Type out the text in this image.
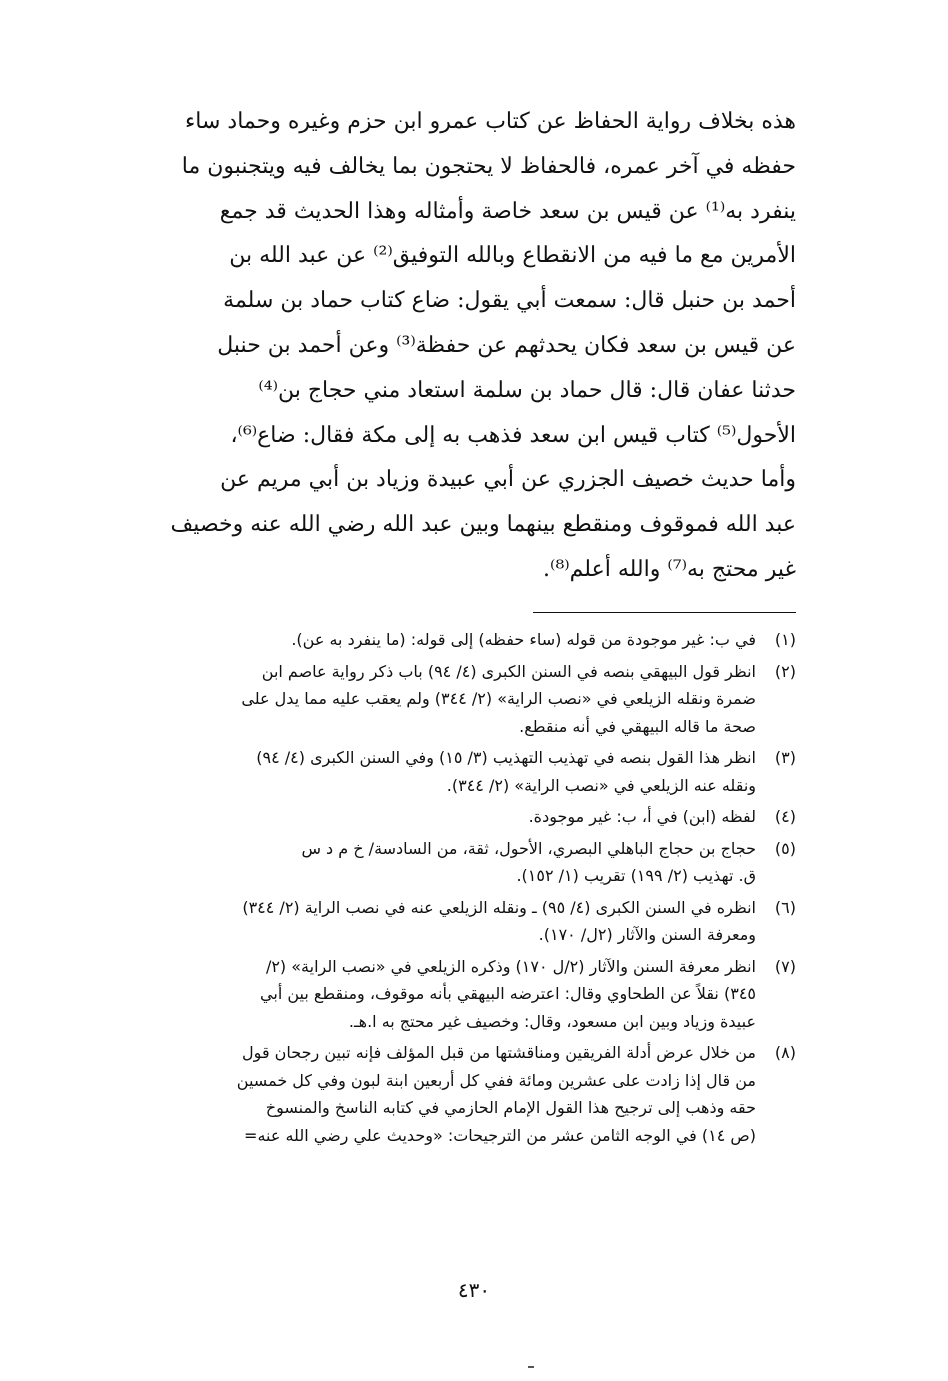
هذه بخلاف رواية الحفاظ عن كتاب عمرو ابن حزم وغيره وحماد ساء
حفظه في آخر عمره، فالحفاظ لا يحتجون بما يخالف فيه ويتجنبون ما
ينفرد به⁽¹⁾ عن قيس بن سعد خاصة وأمثاله وهذا الحديث قد جمع
الأمرين مع ما فيه من الانقطاع وبالله التوفيق⁽²⁾ عن عبد الله بن
أحمد بن حنبل قال: سمعت أبي يقول: ضاع كتاب حماد بن سلمة
عن قيس بن سعد فكان يحدثهم عن حفظة⁽³⁾ وعن أحمد بن حنبل
حدثنا عفان قال: قال حماد بن سلمة استعاد مني حجاج بن⁽⁴⁾
الأحول⁽⁵⁾ كتاب قيس ابن سعد فذهب به إلى مكة فقال: ضاع⁽⁶⁾،
وأما حديث خصيف الجزري عن أبي عبيدة وزياد بن أبي مريم عن
عبد الله فموقوف ومنقطع بينهما وبين عبد الله رضي الله عنه وخصيف
غير محتج به⁽⁷⁾ والله أعلم⁽⁸⁾.
(١)
في ب: غير موجودة من قوله (ساء حفظه) إلى قوله: (ما ينفرد به عن).
(٢)
انظر قول البيهقي بنصه في السنن الكبرى (٤/ ٩٤) باب ذكر رواية عاصم ابن
ضمرة ونقله الزيلعي في «نصب الراية» (٢/ ٣٤٤) ولم يعقب عليه مما يدل على
صحة ما قاله البيهقي في أنه منقطع.
(٣)
انظر هذا القول بنصه في تهذيب التهذيب (٣/ ١٥) وفي السنن الكبرى (٤/ ٩٤)
ونقله عنه الزيلعي في «نصب الراية» (٢/ ٣٤٤).
(٤)
لفظه (ابن) في أ، ب: غير موجودة.
(٥)
حجاج بن حجاج الباهلي البصري، الأحول، ثقة، من السادسة/ خ م د س
ق. تهذيب (٢/ ١٩٩) تقريب (١/ ١٥٢).
(٦)
انظره في السنن الكبرى (٤/ ٩٥) ـ ونقله الزيلعي عنه في نصب الراية (٢/ ٣٤٤)
ومعرفة السنن والآثار (٢ل/ ١٧٠).
(٧)
انظر معرفة السنن والآثار (٢/ل ١٧٠) وذكره الزيلعي في «نصب الراية» (٢/
٣٤٥) نقلاً عن الطحاوي وقال: اعترضه البيهقي بأنه موقوف، ومنقطع بين أبي
عبيدة وزياد وبين ابن مسعود، وقال: وخصيف غير محتج به ا.هـ.
(٨)
من خلال عرض أدلة الفريقين ومناقشتها من قبل المؤلف فإنه تبين رجحان قول
من قال إذا زادت على عشرين ومائة ففي كل أربعين ابنة لبون وفي كل خمسين
حقه وذهب إلى ترجيح هذا القول الإمام الحازمي في كتابه الناسخ والمنسوخ
(ص ١٤) في الوجه الثامن عشر من الترجيحات: «وحديث علي رضي الله عنه=
٤٣٠
